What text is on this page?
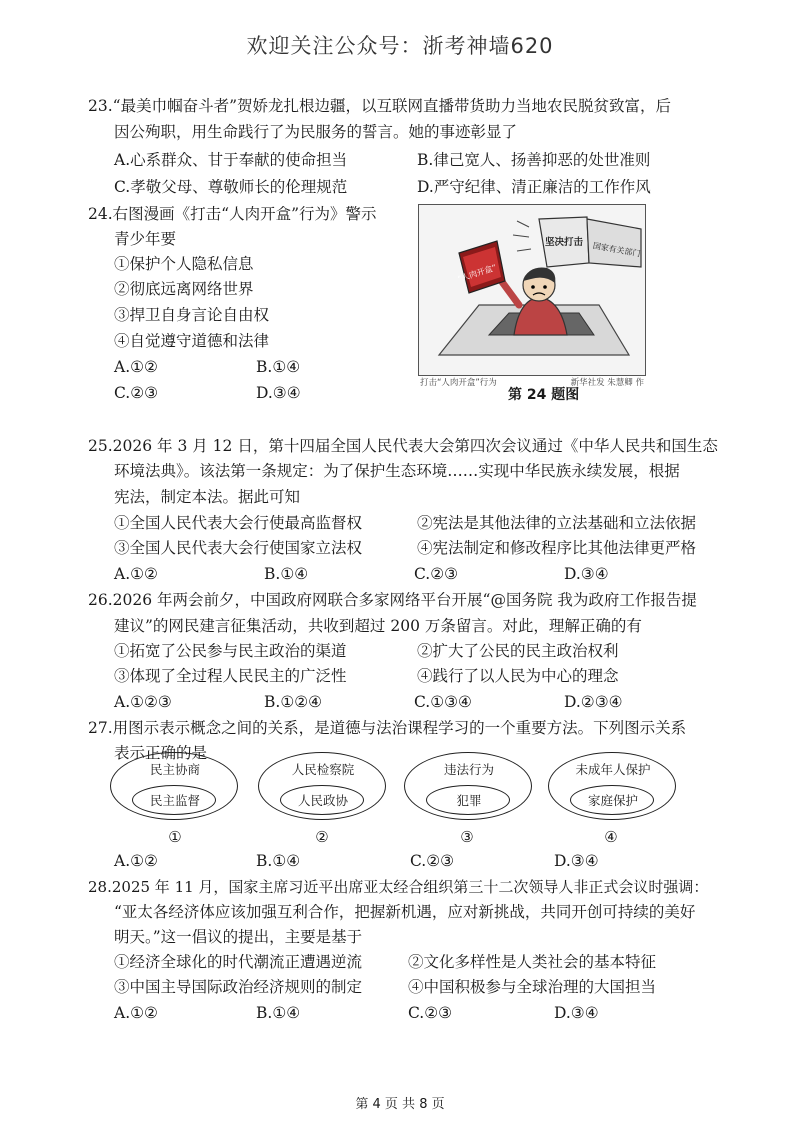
欢迎关注公众号：浙考神墙620
23.“最美巾帼奋斗者”贺娇龙扎根边疆，以互联网直播带货助力当地农民脱贫致富，后
因公殉职，用生命践行了为民服务的誓言。她的事迹彰显了
A.心系群众、甘于奉献的使命担当	B.律己宽人、扬善抑恶的处世准则
C.孝敬父母、尊敬师长的伦理规范	D.严守纪律、清正廉洁的工作作风
24.右图漫画《打击“人肉开盒”行为》警示
青少年要
①保护个人隐私信息
②彻底远离网络世界
③捍卫自身言论自由权
④自觉遵守道德和法律
A.①②	B.①④
C.②③	D.③④
坚决打击
“人肉开盒”
国家有关部门
打击“人肉开盒”行为	新华社发 朱慧卿 作
第 24 题图
25.2026 年 3 月 12 日，第十四届全国人民代表大会第四次会议通过《中华人民共和国生态
环境法典》。该法第一条规定：为了保护生态环境……实现中华民族永续发展，根据
宪法，制定本法。据此可知
①全国人民代表大会行使最高监督权	②宪法是其他法律的立法基础和立法依据
③全国人民代表大会行使国家立法权	④宪法制定和修改程序比其他法律更严格
A.①②	B.①④	C.②③	D.③④
26.2026 年两会前夕，中国政府网联合多家网络平台开展“@国务院 我为政府工作报告提
建议”的网民建言征集活动，共收到超过 200 万条留言。对此，理解正确的有
①拓宽了公民参与民主政治的渠道	②扩大了公民的民主政治权利
③体现了全过程人民民主的广泛性	④践行了以人民为中心的理念
A.①②③	B.①②④	C.①③④	D.②③④
27.用图示表示概念之间的关系，是道德与法治课程学习的一个重要方法。下列图示关系
表示正确的是
民主协商
民主监督
人民检察院
人民政协
违法行为
犯罪
未成年人保护
家庭保护
①	②	③	④
A.①②	B.①④	C.②③	D.③④
28.2025 年 11 月，国家主席习近平出席亚太经合组织第三十二次领导人非正式会议时强调：
“亚太各经济体应该加强互利合作，把握新机遇，应对新挑战，共同开创可持续的美好
明天。”这一倡议的提出，主要是基于
①经济全球化的时代潮流正遭遇逆流	②文化多样性是人类社会的基本特征
③中国主导国际政治经济规则的制定	④中国积极参与全球治理的大国担当
A.①②	B.①④	C.②③	D.③④
第 4 页 共 8 页
